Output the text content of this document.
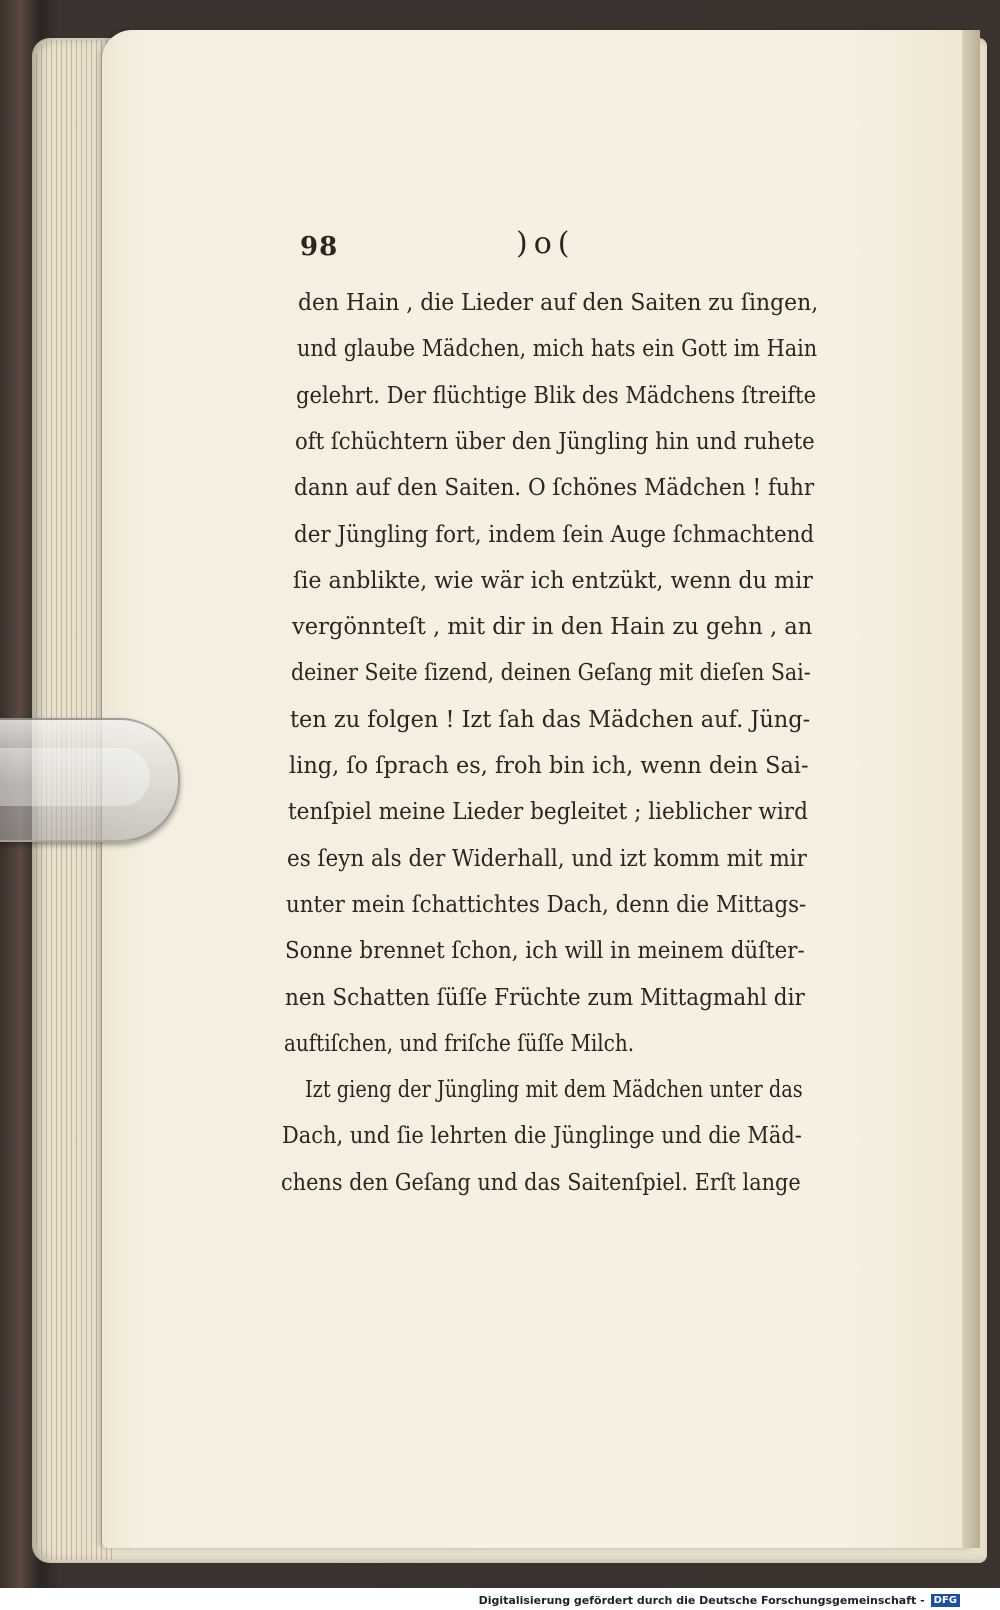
98	)o(
den Hain , die Lieder auf den Saiten zu ſingen,
und glaube Mädchen, mich hats ein Gott im Hain
gelehrt. Der flüchtige Blik des Mädchens ſtreifte
oft ſchüchtern über den Jüngling hin und ruhete
dann auf den Saiten. O ſchönes Mädchen ! fuhr
der Jüngling fort, indem ſein Auge ſchmachtend
ſie anblikte, wie wär ich entzükt, wenn du mir
vergönnteſt , mit dir in den Hain zu gehn , an
deiner Seite ſizend, deinen Geſang mit dieſen Sai-
ten zu folgen ! Izt ſah das Mädchen auf. Jüng-
ling, ſo ſprach es, froh bin ich, wenn dein Sai-
tenſpiel meine Lieder begleitet ; lieblicher wird
es ſeyn als der Widerhall, und izt komm mit mir
unter mein ſchattichtes Dach, denn die Mittags-
Sonne brennet ſchon, ich will in meinem düſter-
nen Schatten ſüſſe Früchte zum Mittagmahl dir
auftiſchen, und friſche ſüſſe Milch.
Izt gieng der Jüngling mit dem Mädchen unter das
Dach, und ſie lehrten die Jünglinge und die Mäd-
chens den Geſang und das Saitenſpiel. Erſt lange
Digitalisierung gefördert durch die Deutsche Forschungsgemeinschaft - DFG
